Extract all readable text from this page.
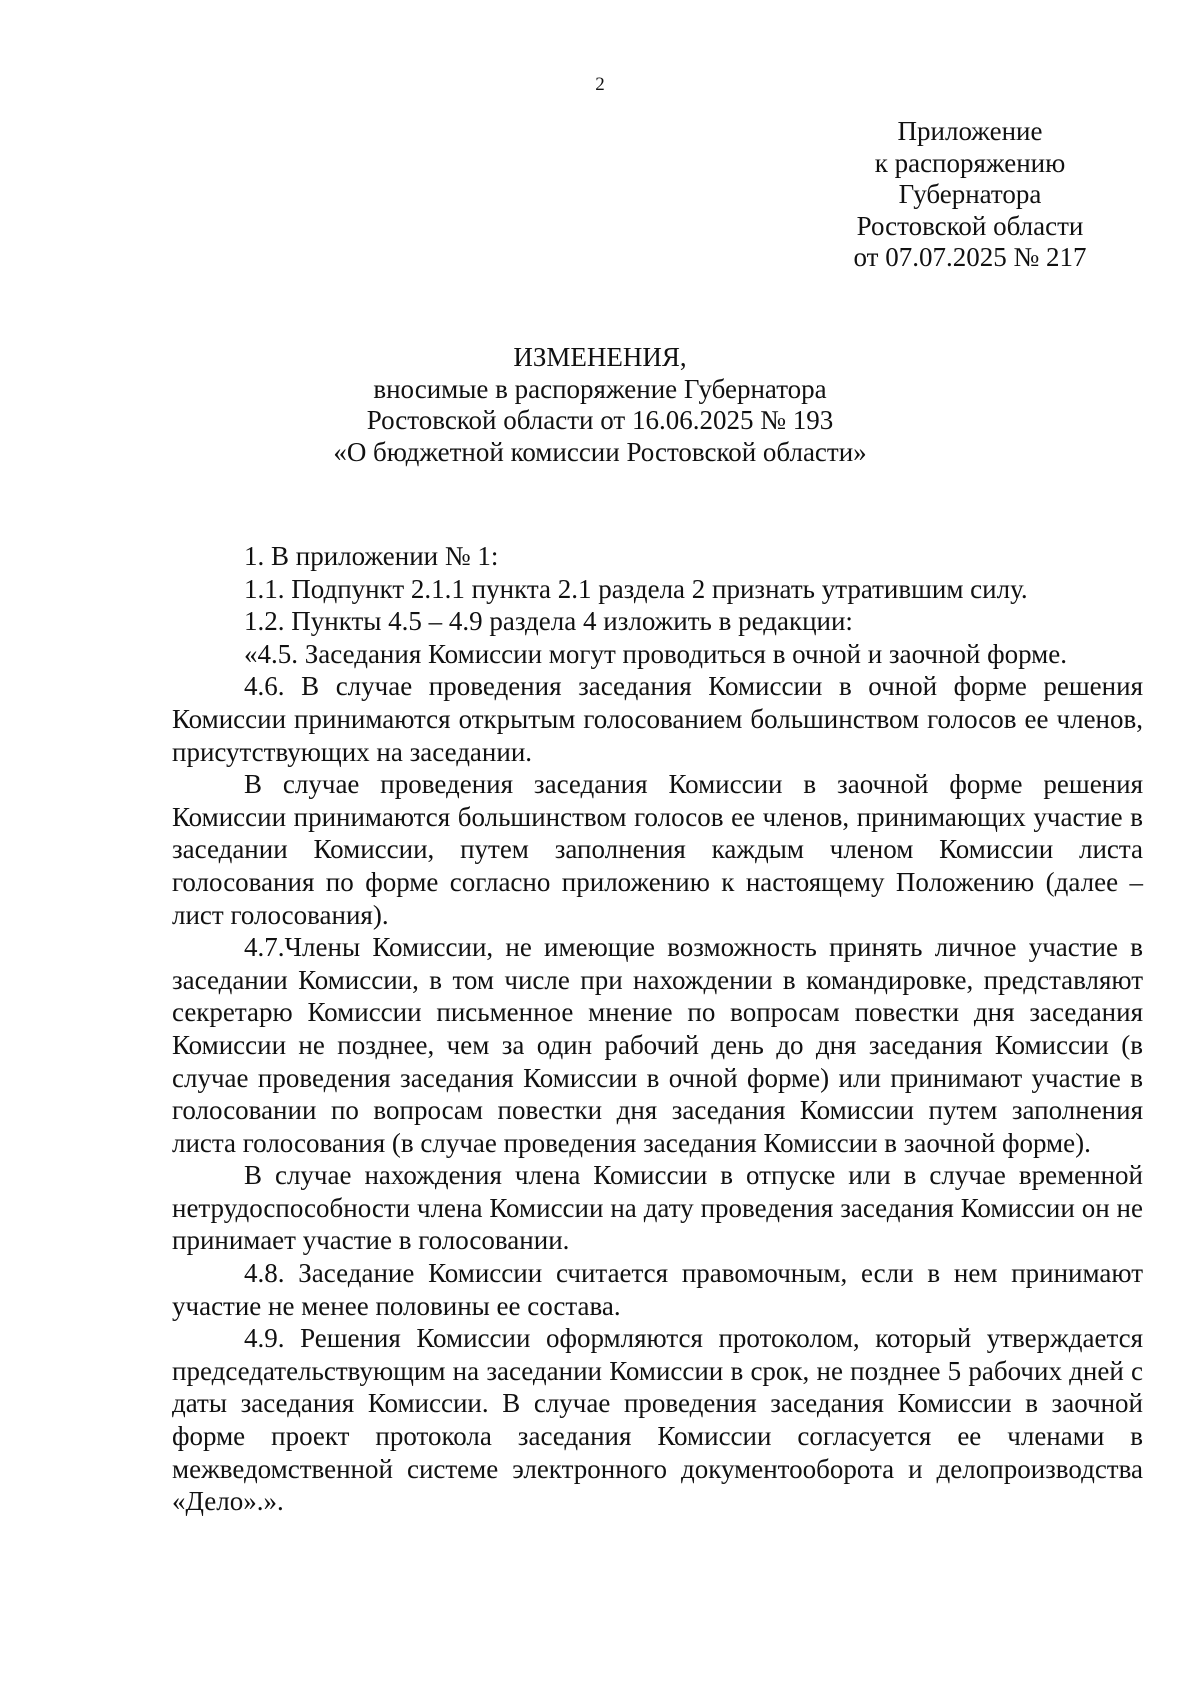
2
Приложение
к распоряжению
Губернатора
Ростовской области
от 07.07.2025 № 217
ИЗМЕНЕНИЯ,
вносимые в распоряжение Губернатора
Ростовской области от 16.06.2025 № 193
«О бюджетной комиссии Ростовской области»

1. В приложении № 1:

1.1. Подпункт 2.1.1 пункта 2.1 раздела 2 признать утратившим силу.

1.2. Пункты 4.5 – 4.9 раздела 4 изложить в редакции:

«4.5. Заседания Комиссии могут проводиться в очной и заочной форме.

4.6. В случае проведения заседания Комиссии в очной форме решения Комиссии принимаются открытым голосованием большинством голосов ее членов, присутствующих на заседании.

В случае проведения заседания Комиссии в заочной форме решения Комиссии принимаются большинством голосов ее членов, принимающих участие в заседании Комиссии, путем заполнения каждым членом Комиссии листа голосования по форме согласно приложению к настоящему Положению (далее – лист голосования).

4.7.Члены Комиссии, не имеющие возможность принять личное участие в заседании Комиссии, в том числе при нахождении в командировке, представляют секретарю Комиссии письменное мнение по вопросам повестки дня заседания Комиссии не позднее, чем за один рабочий день до дня заседания Комиссии (в случае проведения заседания Комиссии в очной форме) или принимают участие в голосовании по вопросам повестки дня заседания Комиссии путем заполнения листа голосования (в случае проведения заседания Комиссии в заочной форме).

В случае нахождения члена Комиссии в отпуске или в случае временной нетрудоспособности члена Комиссии на дату проведения заседания Комиссии он не принимает участие в голосовании.

4.8. Заседание Комиссии считается правомочным, если в нем принимают участие не менее половины ее состава.

4.9. Решения Комиссии оформляются протоколом, который утверждается председательствующим на заседании Комиссии в срок, не позднее 5 рабочих дней с даты заседания Комиссии. В случае проведения заседания Комиссии в заочной форме проект протокола заседания Комиссии согласуется ее членами в межведомственной системе электронного документооборота и делопроизводства «Дело».».
